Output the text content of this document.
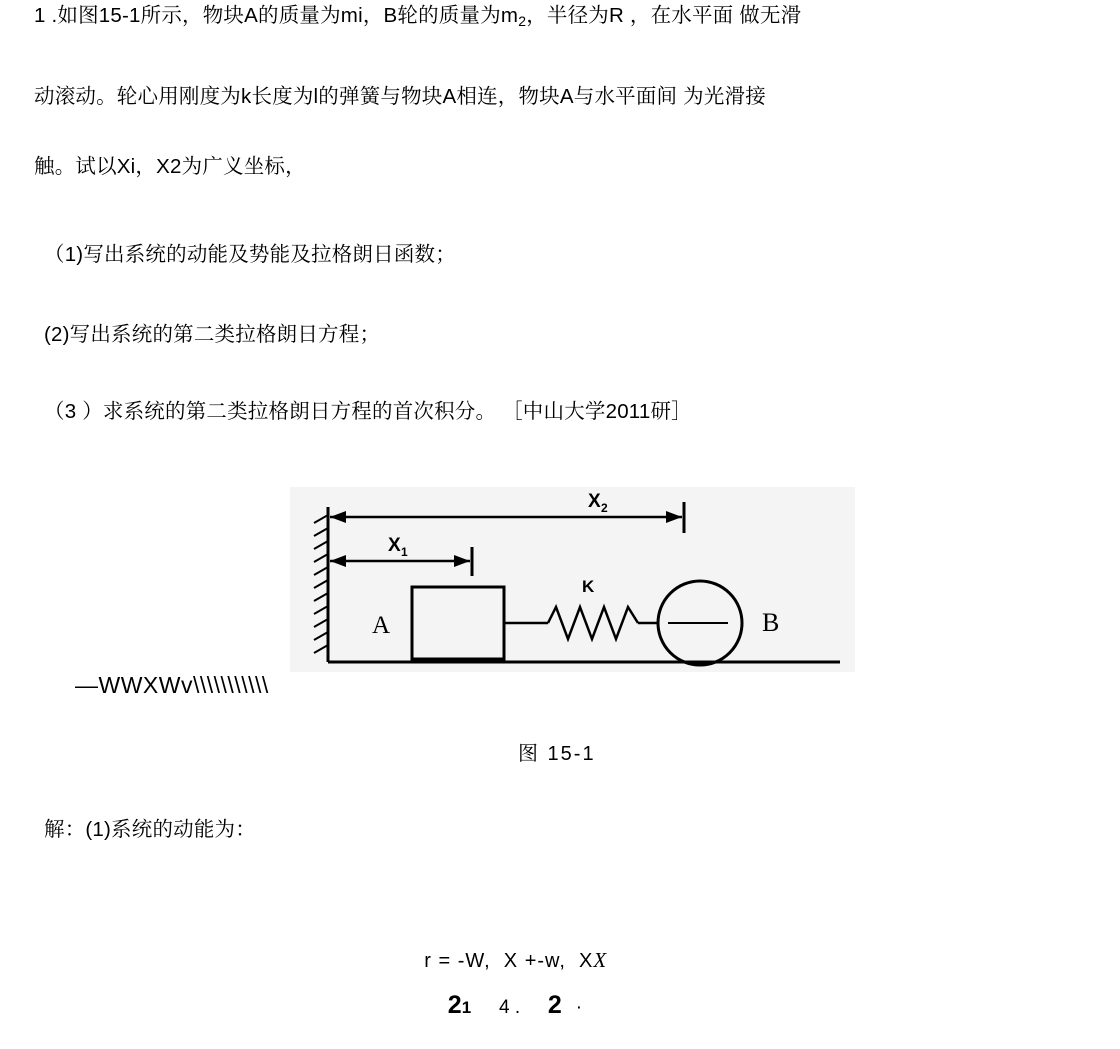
1 .如图15-1所示，物块A的质量为mi，B轮的质量为$m_2$，半径为R ，在水平面 做无滑
动滚动。轮心用刚度为k长度为l的弹簧与物块A相连，物块A与水平面间 为光滑接
触。试以Xi，X2为广义坐标，
（1)写出系统的动能及势能及拉格朗日函数；
(2)写出系统的第二类拉格朗日方程；
（3 ）求系统的第二类拉格朗日方程的首次积分。 ［中山大学2011研］
X 2
X 1
K
A	B
图 15-1
—WWXWv\\\\\\\\\\\
解：(1)系统的动能为：

r = -W,  X +-w,  XX

21 4 . 2 ·
